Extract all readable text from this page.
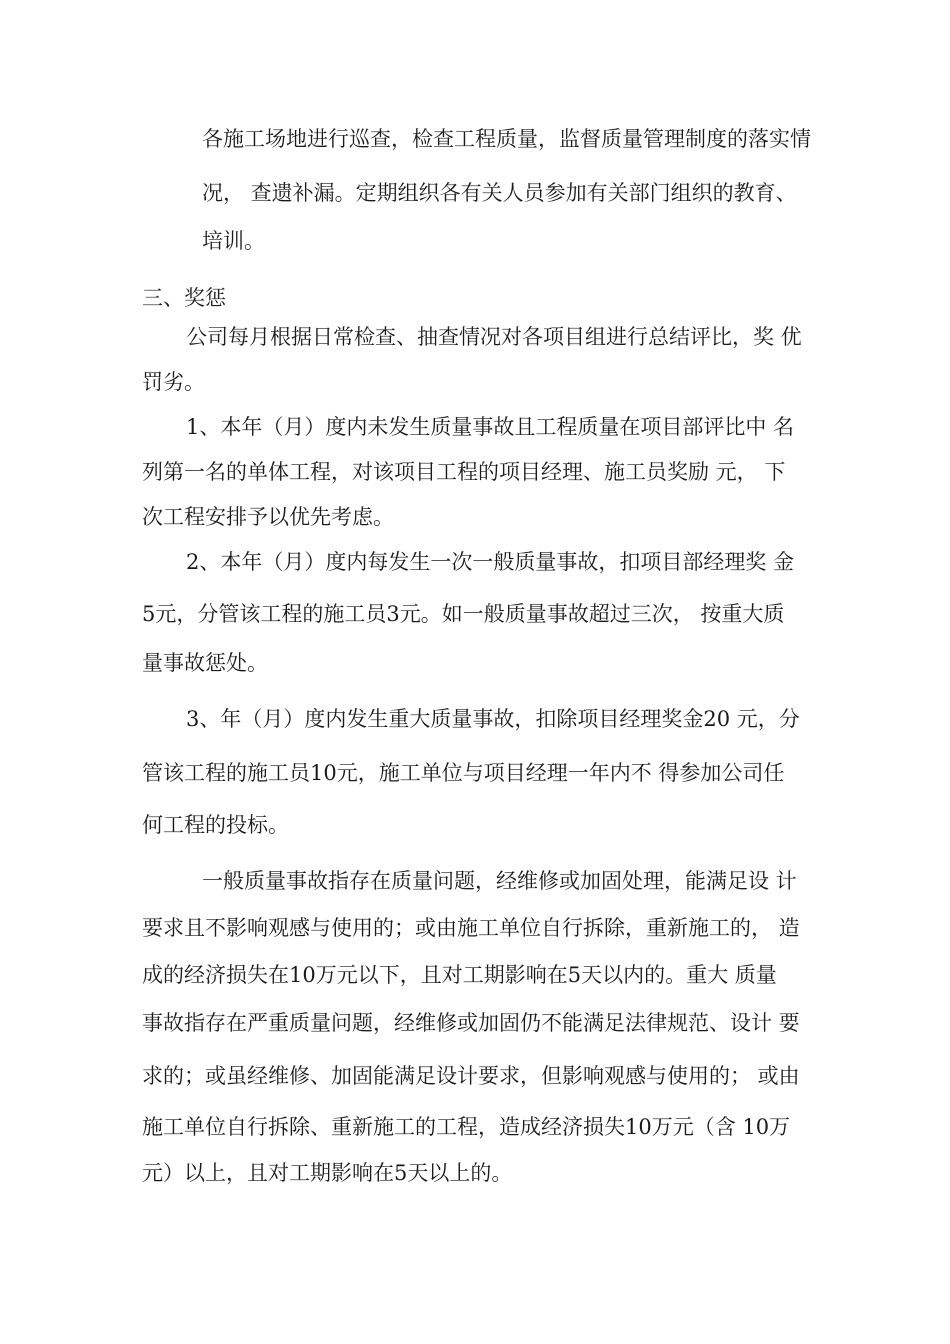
各施工场地进行巡查，检查工程质量，监督质量管理制度的落实情

况， 查遗补漏。定期组织各有关人员参加有关部门组织的教育、

培训。

三、奖惩

公司每月根据日常检查、抽查情况对各项目组进行总结评比，奖 优

罚劣。

1、本年（月）度内未发生质量事故且工程质量在项目部评比中 名

列第一名的单体工程，对该项目工程的项目经理、施工员奖励 元， 下

次工程安排予以优先考虑。

2、本年（月）度内每发生一次一般质量事故，扣项目部经理奖 金

5元，分管该工程的施工员3元。如一般质量事故超过三次， 按重大质

量事故惩处。

3、年（月）度内发生重大质量事故，扣除项目经理奖金20 元，分

管该工程的施工员10元，施工单位与项目经理一年内不 得参加公司任

何工程的投标。

一般质量事故指存在质量问题，经维修或加固处理，能满足设 计

要求且不影响观感与使用的；或由施工单位自行拆除，重新施工的， 造

成的经济损失在10万元以下，且对工期影响在5天以内的。重大 质量

事故指存在严重质量问题，经维修或加固仍不能满足法律规范、设计 要

求的；或虽经维修、加固能满足设计要求，但影响观感与使用的； 或由

施工单位自行拆除、重新施工的工程，造成经济损失10万元（含 10万

元）以上，且对工期影响在5天以上的。
